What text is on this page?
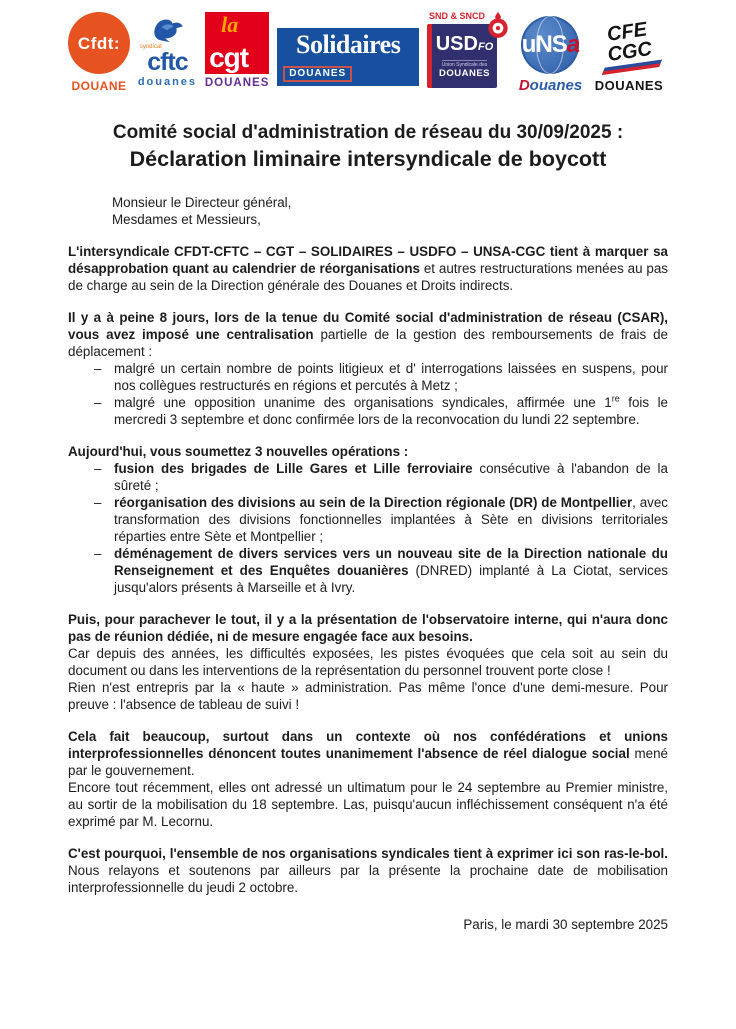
Cfdt:
DOUANE
syndicat
cftc
douanes
la
cgt
DOUANES
Solidaires
DOUANES
SND & SNCD
USDFO
Union Syndicale des
DOUANES
uNSa
Douanes
CFE
CGC
DOUANES
Comité social d'administration de réseau du 30/09/2025 :
Déclaration liminaire intersyndicale de boycott
Monsieur le Directeur général,
Mesdames et Messieurs,

L'intersyndicale CFDT-CFTC – CGT – SOLIDAIRES – USDFO – UNSA-CGC tient à marquer sa désapprobation quant au calendrier de réorganisations et autres restructurations menées au pas de charge au sein de la Direction générale des Douanes et Droits indirects.

Il y a à peine 8 jours, lors de la tenue du Comité social d'administration de réseau (CSAR), vous avez imposé une centralisation partielle de la gestion des remboursements de frais de déplacement :

– malgré un certain nombre de points litigieux et d' interrogations laissées en suspens, pour nos collègues restructurés en régions et percutés à Metz ;
– malgré une opposition unanime des organisations syndicales, affirmée une 1re fois le mercredi 3 septembre et donc confirmée lors de la reconvocation du lundi 22 septembre.

Aujourd'hui, vous soumettez 3 nouvelles opérations :

– fusion des brigades de Lille Gares et Lille ferroviaire consécutive à l'abandon de la sûreté ;
– réorganisation des divisions au sein de la Direction régionale (DR) de Montpellier, avec transformation des divisions fonctionnelles implantées à Sète en divisions territoriales réparties entre Sète et Montpellier ;
– déménagement de divers services vers un nouveau site de la Direction nationale du Renseignement et des Enquêtes douanières (DNRED) implanté à La Ciotat, services jusqu'alors présents à Marseille et à Ivry.

Puis, pour parachever le tout, il y a la présentation de l'observatoire interne, qui n'aura donc pas de réunion dédiée, ni de mesure engagée face aux besoins.

Car depuis des années, les difficultés exposées, les pistes évoquées que cela soit au sein du document ou dans les interventions de la représentation du personnel trouvent porte close !

Rien n'est entrepris par la « haute » administration. Pas même l'once d'une demi-mesure. Pour preuve : l'absence de tableau de suivi !

Cela fait beaucoup, surtout dans un contexte où nos confédérations et unions interprofessionnelles dénoncent toutes unanimement l'absence de réel dialogue social mené par le gouvernement.

Encore tout récemment, elles ont adressé un ultimatum pour le 24 septembre au Premier ministre, au sortir de la mobilisation du 18 septembre. Las, puisqu'aucun infléchissement conséquent n'a été exprimé par M. Lecornu.

C'est pourquoi, l'ensemble de nos organisations syndicales tient à exprimer ici son ras-le-bol. Nous relayons et soutenons par ailleurs par la présente la prochaine date de mobilisation interprofessionnelle du jeudi 2 octobre.

Paris, le mardi 30 septembre 2025
